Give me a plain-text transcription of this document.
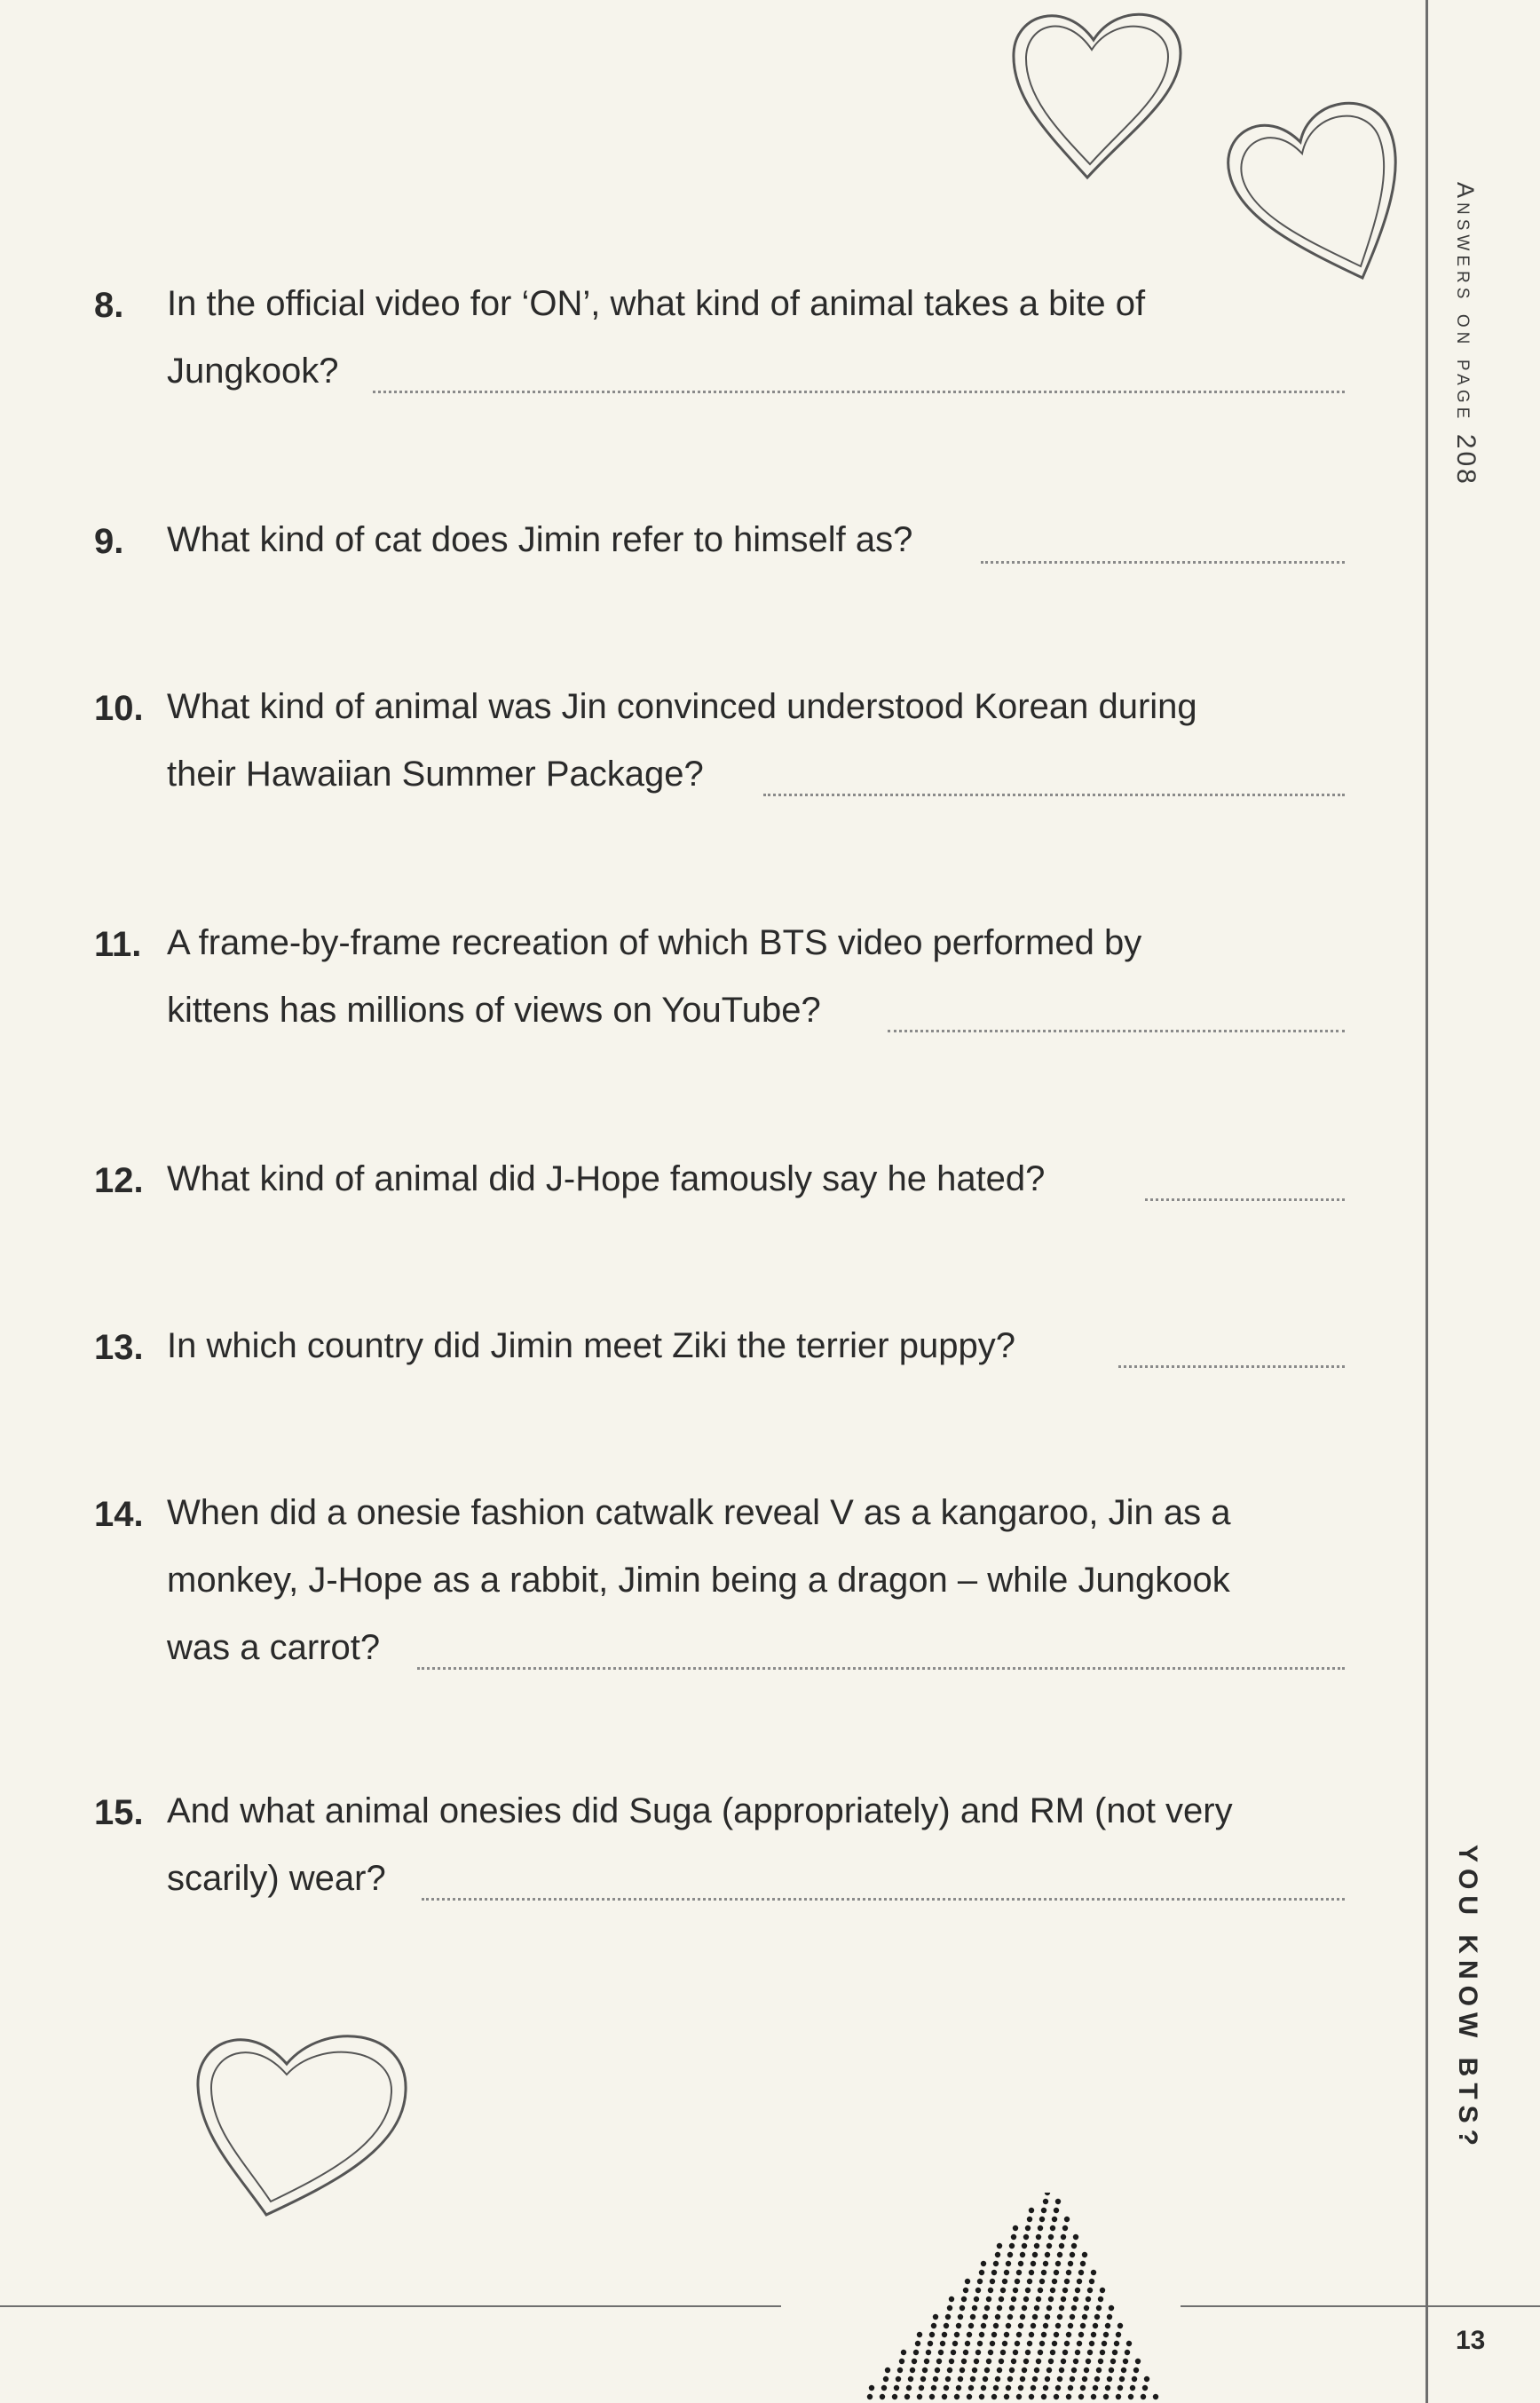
Answers on page 208
YOU KNOW BTS?
13
8. In the official video for ‘ON’, what kind of animal takes a bite of
Jungkook?
9. What kind of cat does Jimin refer to himself as?
10. What kind of animal was Jin convinced understood Korean during
their Hawaiian Summer Package?
11. A frame-by-frame recreation of which BTS video performed by
kittens has millions of views on YouTube?
12. What kind of animal did J-Hope famously say he hated?
13. In which country did Jimin meet Ziki the terrier puppy?
14. When did a onesie fashion catwalk reveal V as a kangaroo, Jin as a
monkey, J-Hope as a rabbit, Jimin being a dragon – while Jungkook
was a carrot?
15. And what animal onesies did Suga (appropriately) and RM (not very
scarily) wear?
